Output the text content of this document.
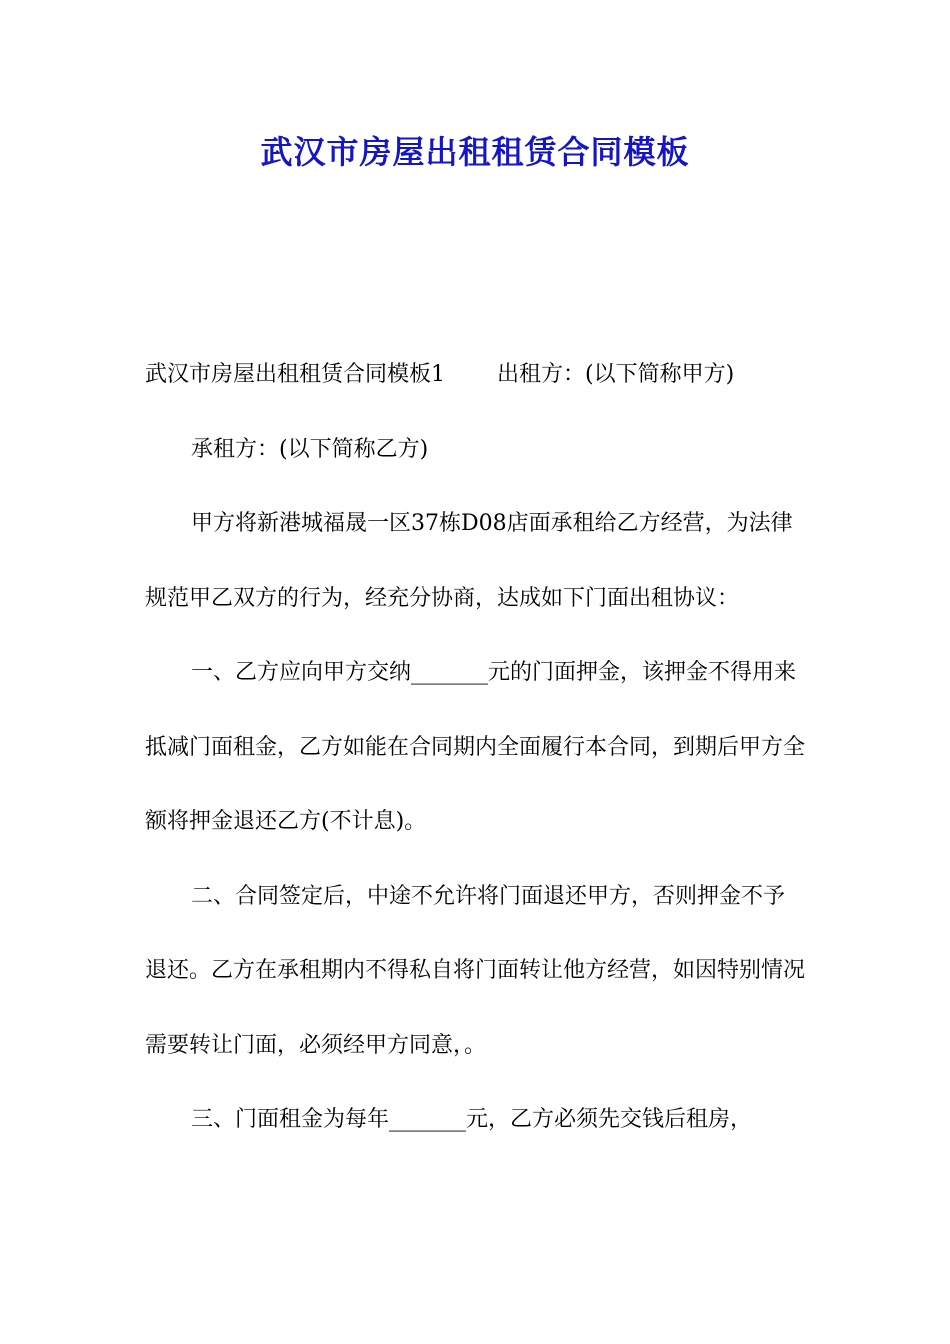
武汉市房屋出租租赁合同模板

武汉市房屋出租租赁合同模板1 出租方：(以下简称甲方)

承租方：(以下简称乙方)

甲方将新港城福晟一区37栋D08店面承租给乙方经营，为法律规范甲乙双方的行为，经充分协商，达成如下门面出租协议：

一、乙方应向甲方交纳_______元的门面押金，该押金不得用来抵减门面租金，乙方如能在合同期内全面履行本合同，到期后甲方全额将押金退还乙方(不计息)。

二、合同签定后，中途不允许将门面退还甲方，否则押金不予退还。乙方在承租期内不得私自将门面转让他方经营，如因特别情况需要转让门面，必须经甲方同意，。

三、门面租金为每年_______元，乙方必须先交钱后租房，
